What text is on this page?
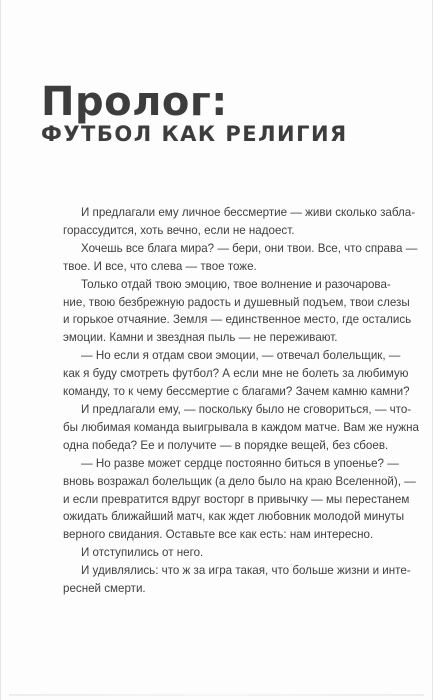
Пролог:
ФУТБОЛ КАК РЕЛИГИЯ
И предлагали ему личное бессмертие — живи сколько забла-
горассудится, хоть вечно, если не надоест.
Хочешь все блага мира? — бери, они твои. Все, что справа —
твое. И все, что слева — твое тоже.
Только отдай твою эмоцию, твое волнение и разочарова-
ние, твою безбрежную радость и душевный подъем, твои слезы
и горькое отчаяние. Земля — единственное место, где остались
эмоции. Камни и звездная пыль — не переживают.
— Но если я отдам свои эмоции, — отвечал болельщик, —
как я буду смотреть футбол? А если мне не болеть за любимую
команду, то к чему бессмертие с благами? Зачем камню камни?
И предлагали ему, — поскольку было не сговориться, — что-
бы любимая команда выигрывала в каждом матче. Вам же нужна
одна победа? Ее и получите — в порядке вещей, без сбоев.
— Но разве может сердце постоянно биться в упоенье? —
вновь возражал болельщик (а дело было на краю Вселенной), —
и если превратится вдруг восторг в привычку — мы перестанем
ожидать ближайший матч, как ждет любовник молодой минуты
верного свидания. Оставьте все как есть: нам интересно.
И отступились от него.
И удивлялись: что ж за игра такая, что больше жизни и инте-
ресней смерти.
